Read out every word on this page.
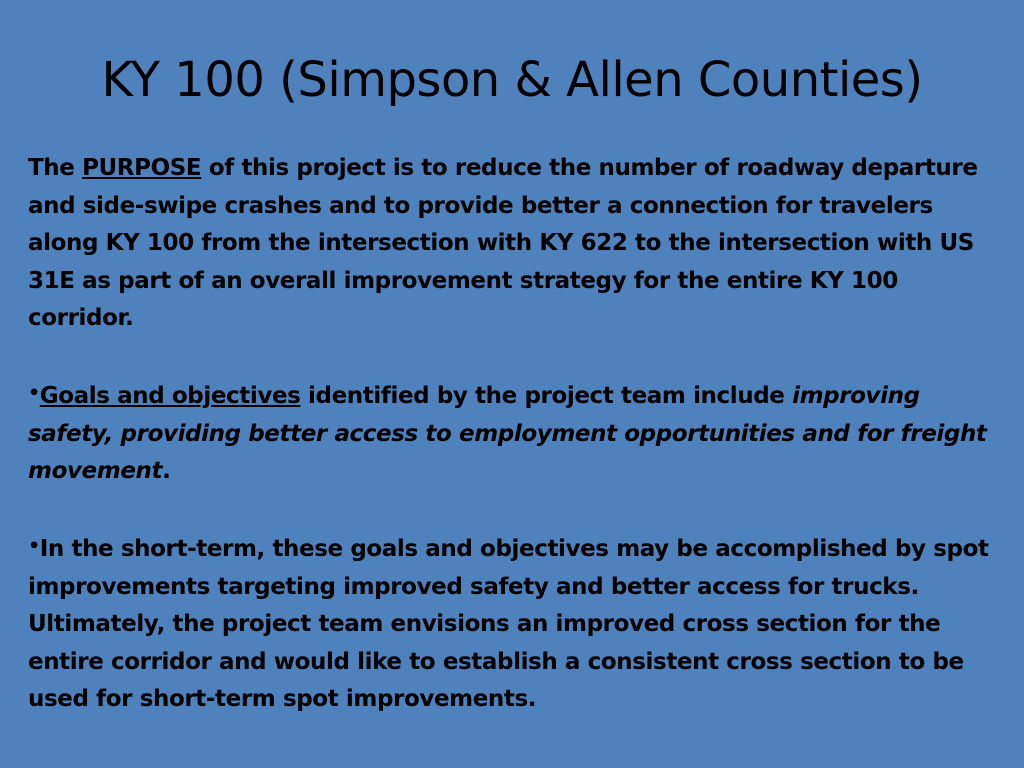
KY 100 (Simpson & Allen Counties)

The PURPOSE of this project is to reduce the number of roadway departure and side-swipe crashes and to provide better a connection for travelers along KY 100 from the intersection with KY 622 to the intersection with US 31E as part of an overall improvement strategy for the entire KY 100 corridor.

•Goals and objectives identified by the project team include improving safety, providing better access to employment opportunities and for freight movement.

•In the short-term, these goals and objectives may be accomplished by spot improvements targeting improved safety and better access for trucks. Ultimately, the project team envisions an improved cross section for the entire corridor and would like to establish a consistent cross section to be used for short-term spot improvements.
